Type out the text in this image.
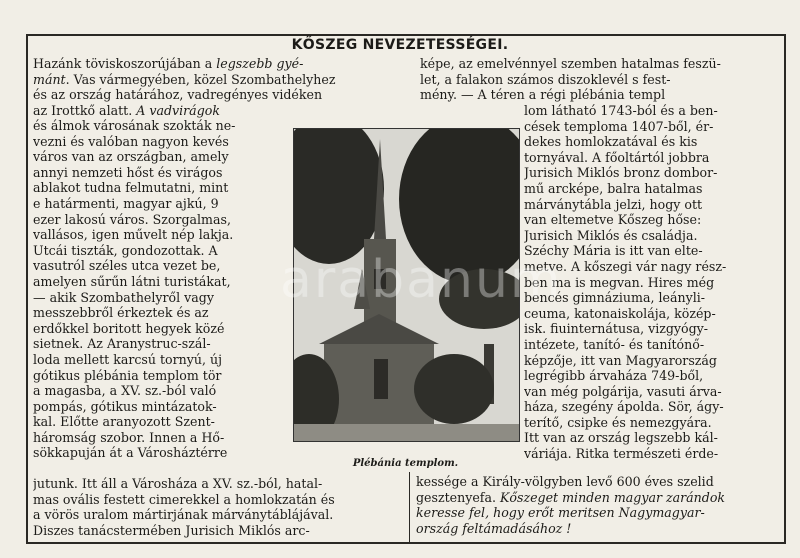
KŐSZEG NEVEZETESSÉGEI.
Hazánk töviskoszorújában a legszebb gyé-
mánt. Vas vármegyében, közel Szombathelyhez
és az ország határához, vadregényes vidéken
az Irottkő alatt. A vadvirágok
és álmok városának szokták ne-
vezni és valóban nagyon kevés
város van az országban, amely
annyi nemzeti hőst és virágos
ablakot tudna felmutatni, mint
e határmenti, magyar ajkú, 9
ezer lakosú város. Szorgalmas,
vallásos, igen művelt nép lakja.
Utcái tiszták, gondozottak. A
vasutról széles utca vezet be,
amelyen sűrűn látni turistákat,
— akik Szombathelyről vagy
messzebbről érkeztek és az
erdőkkel boritott hegyek közé
sietnek. Az Aranystruc-szál-
loda mellett karcsú tornyú, új
gótikus plébánia templom tör
a magasba, a XV. sz.-ból való
pompás, gótikus mintázatok-
kal. Előtte aranyozott Szent-
háromság szobor. Innen a Hő-
sökkapuján át a Városháztérre
jutunk. Itt áll a Városháza a XV. sz.-ból, hatal-
mas ovális festett cimerekkel a homlokzatán és
a vörös uralom mártirjának márványtáblájával.
Diszes tanácstermében Jurisich Miklós arc-
képe, az emelvénnyel szemben hatalmas feszü-
let, a falakon számos diszoklevél s fest-
mény. — A téren a régi plébánia templ
lom látható 1743-ból és a ben-
cések temploma 1407-ből, ér-
dekes homlokzatával és kis
tornyával. A főoltártól jobbra
Jurisich Miklós bronz dombor-
mű arcképe, balra hatalmas
márványtábla jelzi, hogy ott
van eltemetve Kőszeg hőse:
Jurisich Miklós és családja.
Széchy Mária is itt van elte-
metve. A kőszegi vár nagy rész-
ben ma is megvan. Hires még
bencés gimnáziuma, leányli-
ceuma, katonaiskolája, közép-
isk. fiuinternátusa, vizgyógy-
intézete, tanító- és tanítónő-
képzője, itt van Magyarország
legrégibb árvaháza 749-ből,
van még polgárija, vasuti árva-
háza, szegény ápolda. Sör, ágy-
terítő, csipke és nemezgyára.
Itt van az ország legszebb kál-
váriája. Ritka természeti érde-
kessége a Király-völgyben levő 600 éves szelid
gesztenyefa. Kőszeget minden magyar zarándok
keresse fel, hogy erőt meritsen Nagymagyar-
ország feltámadásához !
Plébánia templom.
arabanum
